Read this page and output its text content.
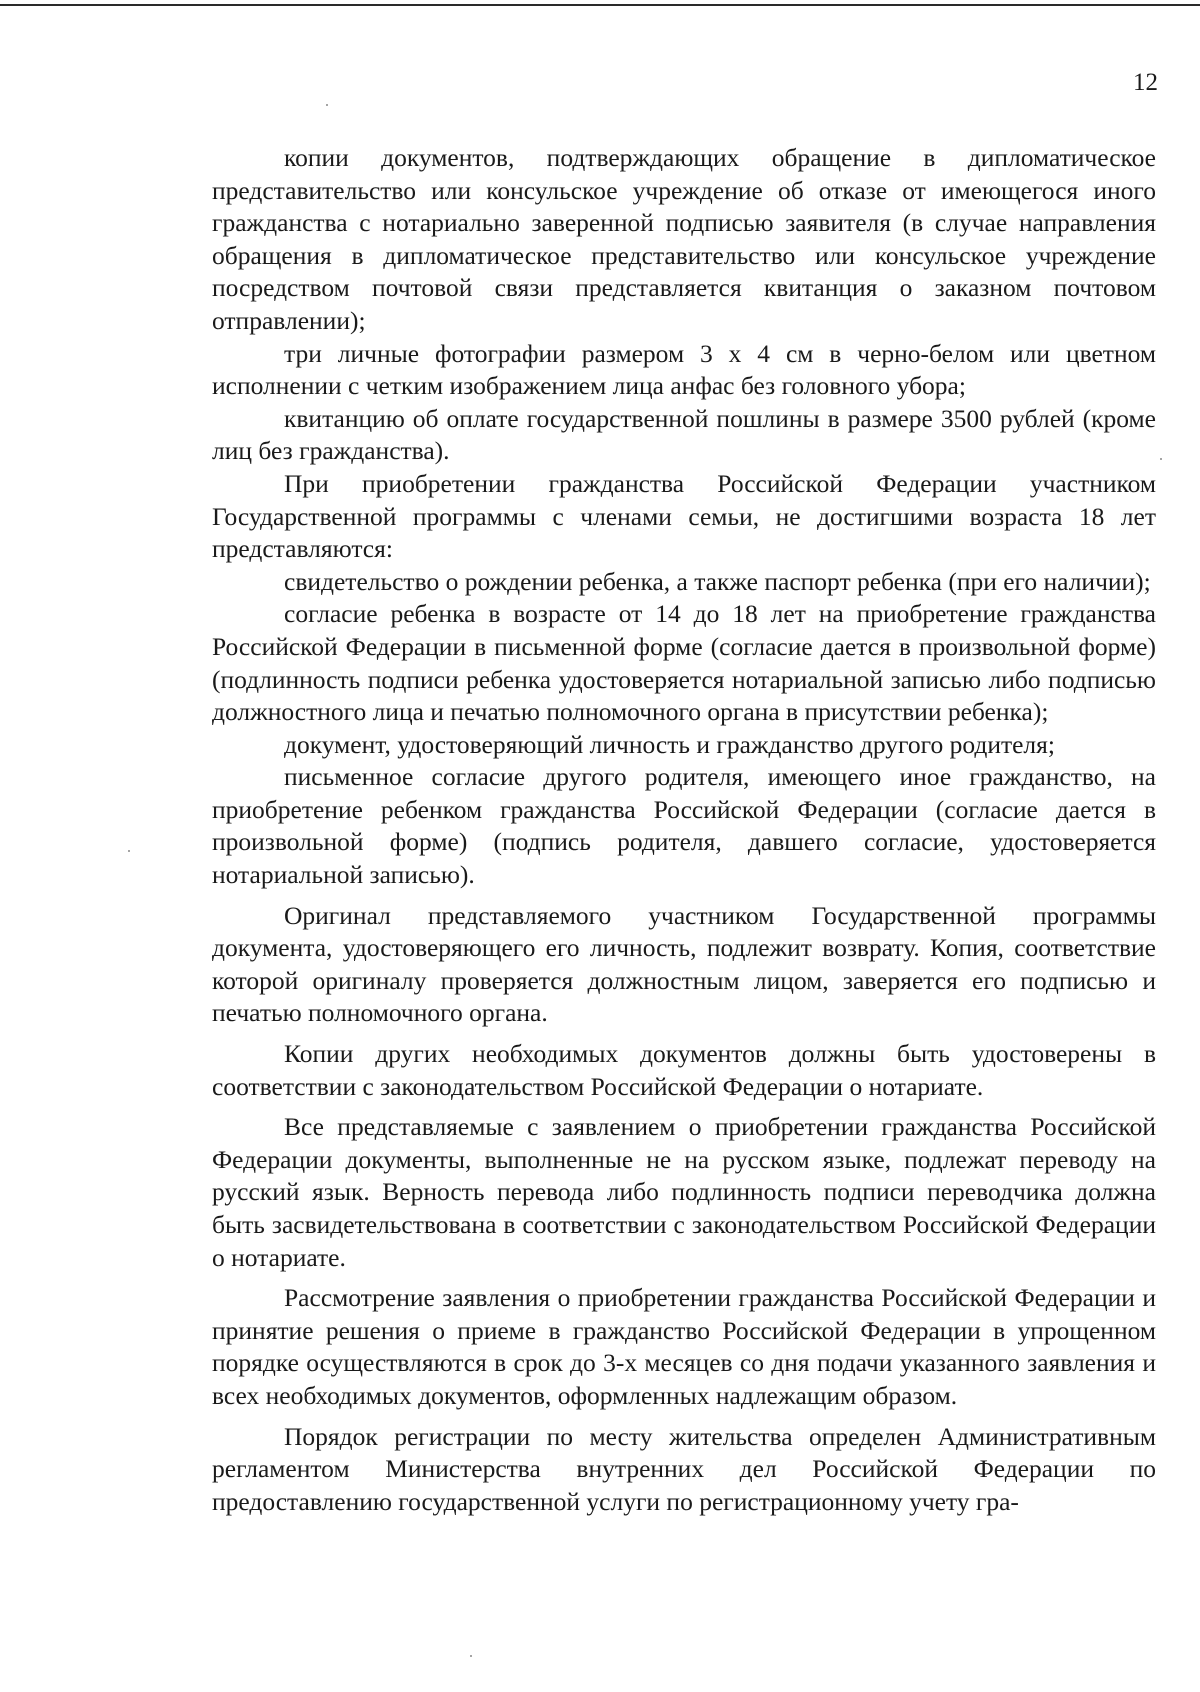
12

копии документов, подтверждающих обращение в дипломатическое представительство или консульское учреждение об отказе от имеющегося иного гражданства с нотариально заверенной подписью заявителя (в случае направления обращения в дипломатическое представительство или консульское учреждение посредством почтовой связи представляется квитанция о заказном почтовом отправлении);

три личные фотографии размером 3 х 4 см в черно-белом или цветном исполнении с четким изображением лица анфас без головного убора;

квитанцию об оплате государственной пошлины в размере 3500 рублей (кроме лиц без гражданства).

При приобретении гражданства Российской Федерации участником Государственной программы с членами семьи, не достигшими возраста 18 лет представляются:

свидетельство о рождении ребенка, а также паспорт ребенка (при его наличии);

согласие ребенка в возрасте от 14 до 18 лет на приобретение гражданства Российской Федерации в письменной форме (согласие дается в произвольной форме) (подлинность подписи ребенка удостоверяется нотариальной записью либо подписью должностного лица и печатью полномочного органа в присутствии ребенка);

документ, удостоверяющий личность и гражданство другого родителя;

письменное согласие другого родителя, имеющего иное гражданство, на приобретение ребенком гражданства Российской Федерации (согласие дается в произвольной форме) (подпись родителя, давшего согласие, удостоверяется нотариальной записью).

Оригинал представляемого участником Государственной программы документа, удостоверяющего его личность, подлежит возврату. Копия, соответствие которой оригиналу проверяется должностным лицом, заверяется его подписью и печатью полномочного органа.

Копии других необходимых документов должны быть удостоверены в соответствии с законодательством Российской Федерации о нотариате.

Все представляемые с заявлением о приобретении гражданства Российской Федерации документы, выполненные не на русском языке, подлежат переводу на русский язык. Верность перевода либо подлинность подписи переводчика должна быть засвидетельствована в соответствии с законодательством Российской Федерации о нотариате.

Рассмотрение заявления о приобретении гражданства Российской Федерации и принятие решения о приеме в гражданство Российской Федерации в упрощенном порядке осуществляются в срок до 3-х месяцев со дня подачи указанного заявления и всех необходимых документов, оформленных надлежащим образом.

Порядок регистрации по месту жительства определен Административным регламентом Министерства внутренних дел Российской Федерации по предоставлению государственной услуги по регистрационному учету гра-
